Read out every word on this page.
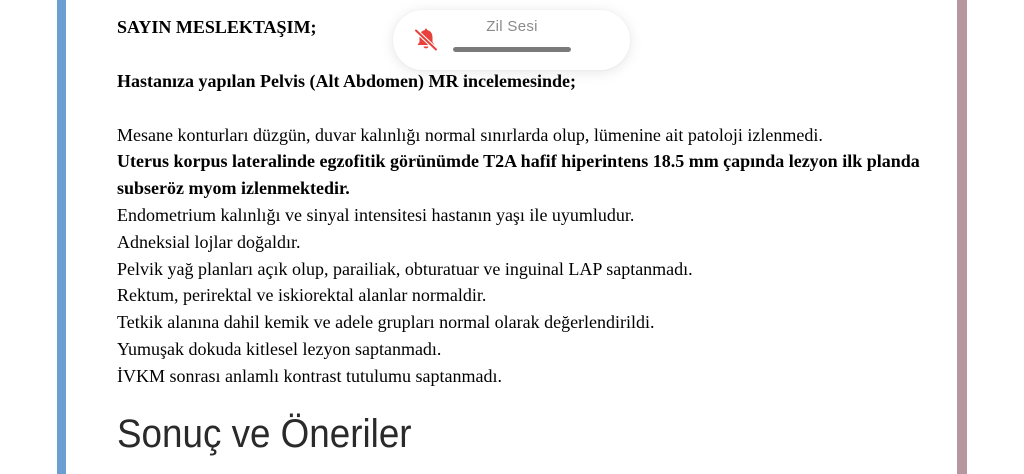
SAYIN MESLEKTAŞIM;

Hastanıza yapılan Pelvis (Alt Abdomen) MR incelemesinde;

Mesane konturları düzgün, duvar kalınlığı normal sınırlarda olup, lümenine ait patoloji izlenmedi.

Uterus korpus lateralinde egzofitik görünümde T2A hafif hiperintens 18.5 mm çapında lezyon ilk planda subseröz myom izlenmektedir.

Endometrium kalınlığı ve sinyal intensitesi hastanın yaşı ile uyumludur.

Adneksial lojlar doğaldır.

Pelvik yağ planları açık olup, parailiak, obturatuar ve inguinal LAP saptanmadı.

Rektum, perirektal ve iskiorektal alanlar normaldir.

Tetkik alanına dahil kemik ve adele grupları normal olarak değerlendirildi.

Yumuşak dokuda kitlesel lezyon saptanmadı.

İVKM sonrası anlamlı kontrast tutulumu saptanmadı.

Sonuç ve Öneriler
Zil Sesi
